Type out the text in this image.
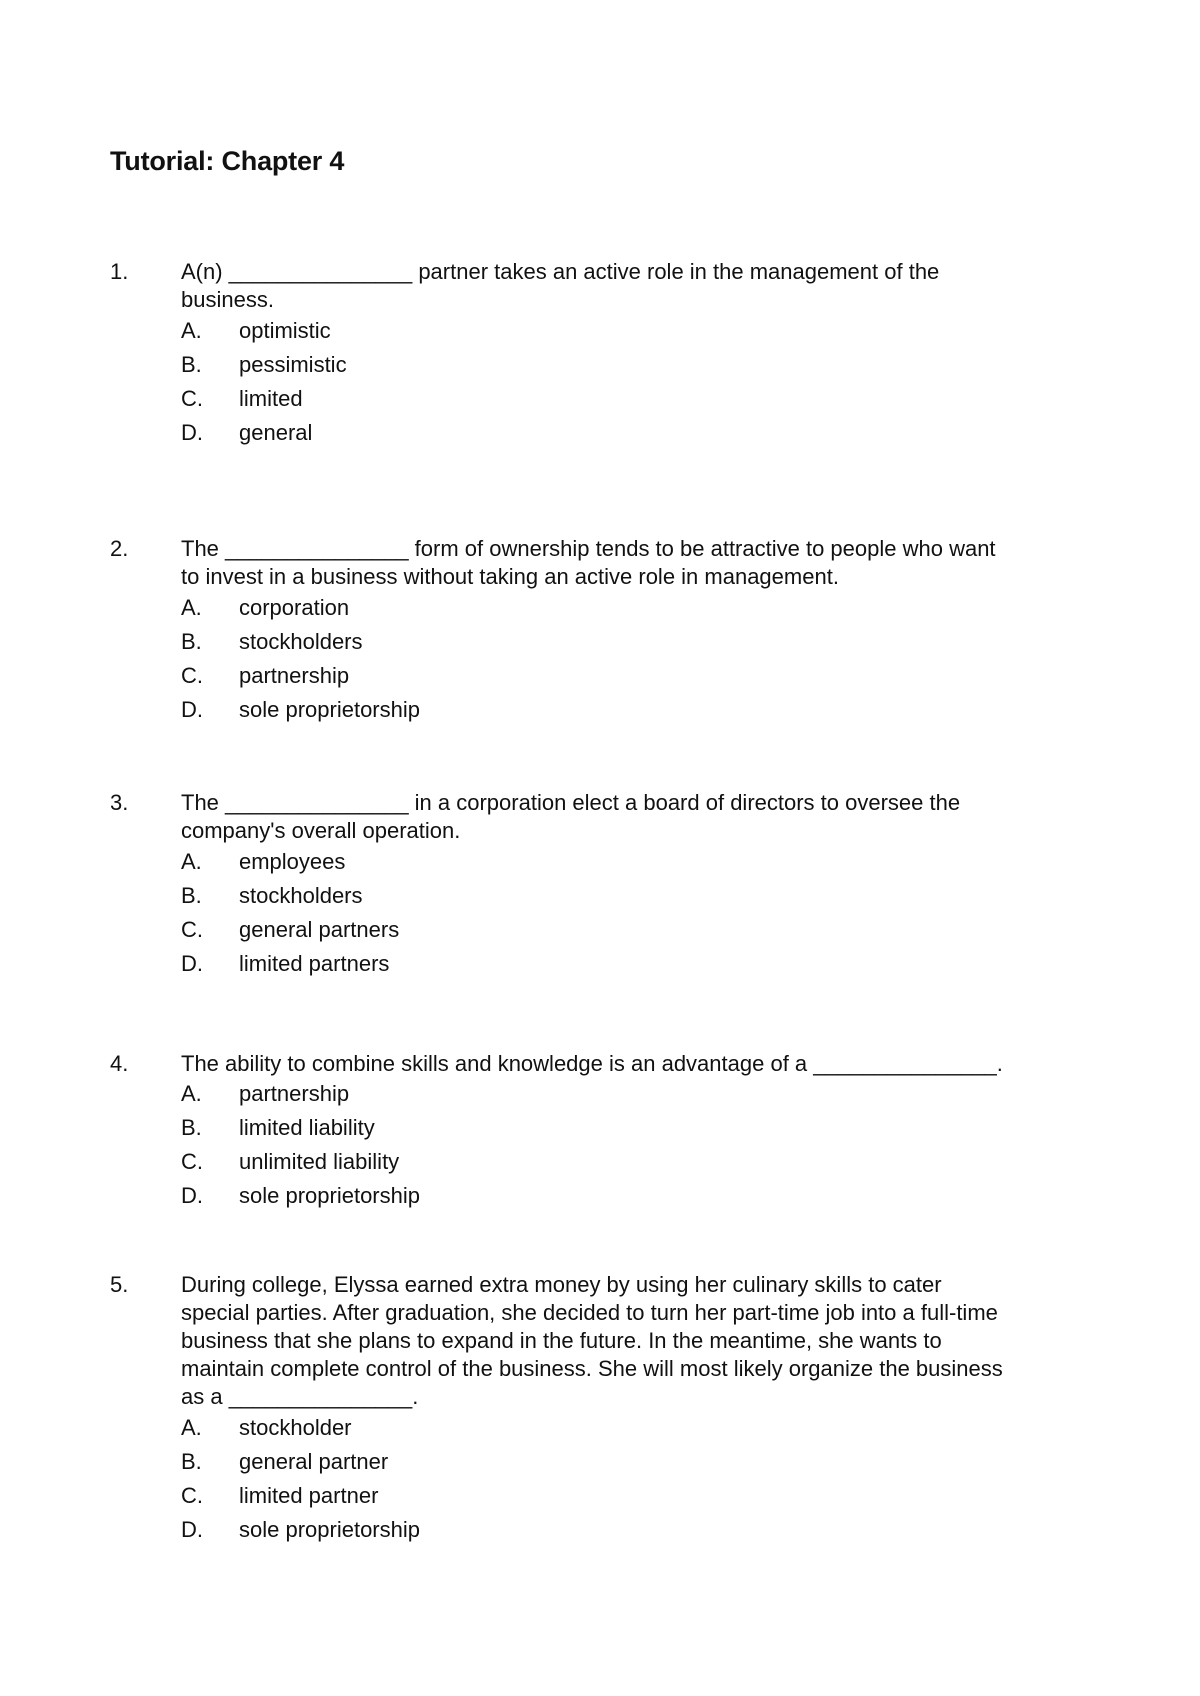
Tutorial: Chapter 4
1. A(n) _______________ partner takes an active role in the management of the
business.
A. optimistic
B. pessimistic
C. limited
D. general
2. The _______________ form of ownership tends to be attractive to people who want
to invest in a business without taking an active role in management.
A. corporation
B. stockholders
C. partnership
D. sole proprietorship
3. The _______________ in a corporation elect a board of directors to oversee the
company's overall operation.
A. employees
B. stockholders
C. general partners
D. limited partners
4. The ability to combine skills and knowledge is an advantage of a _______________.
A. partnership
B. limited liability
C. unlimited liability
D. sole proprietorship
5. During college, Elyssa earned extra money by using her culinary skills to cater
special parties. After graduation, she decided to turn her part-time job into a full-time
business that she plans to expand in the future. In the meantime, she wants to
maintain complete control of the business. She will most likely organize the business
as a _______________.
A. stockholder
B. general partner
C. limited partner
D. sole proprietorship
